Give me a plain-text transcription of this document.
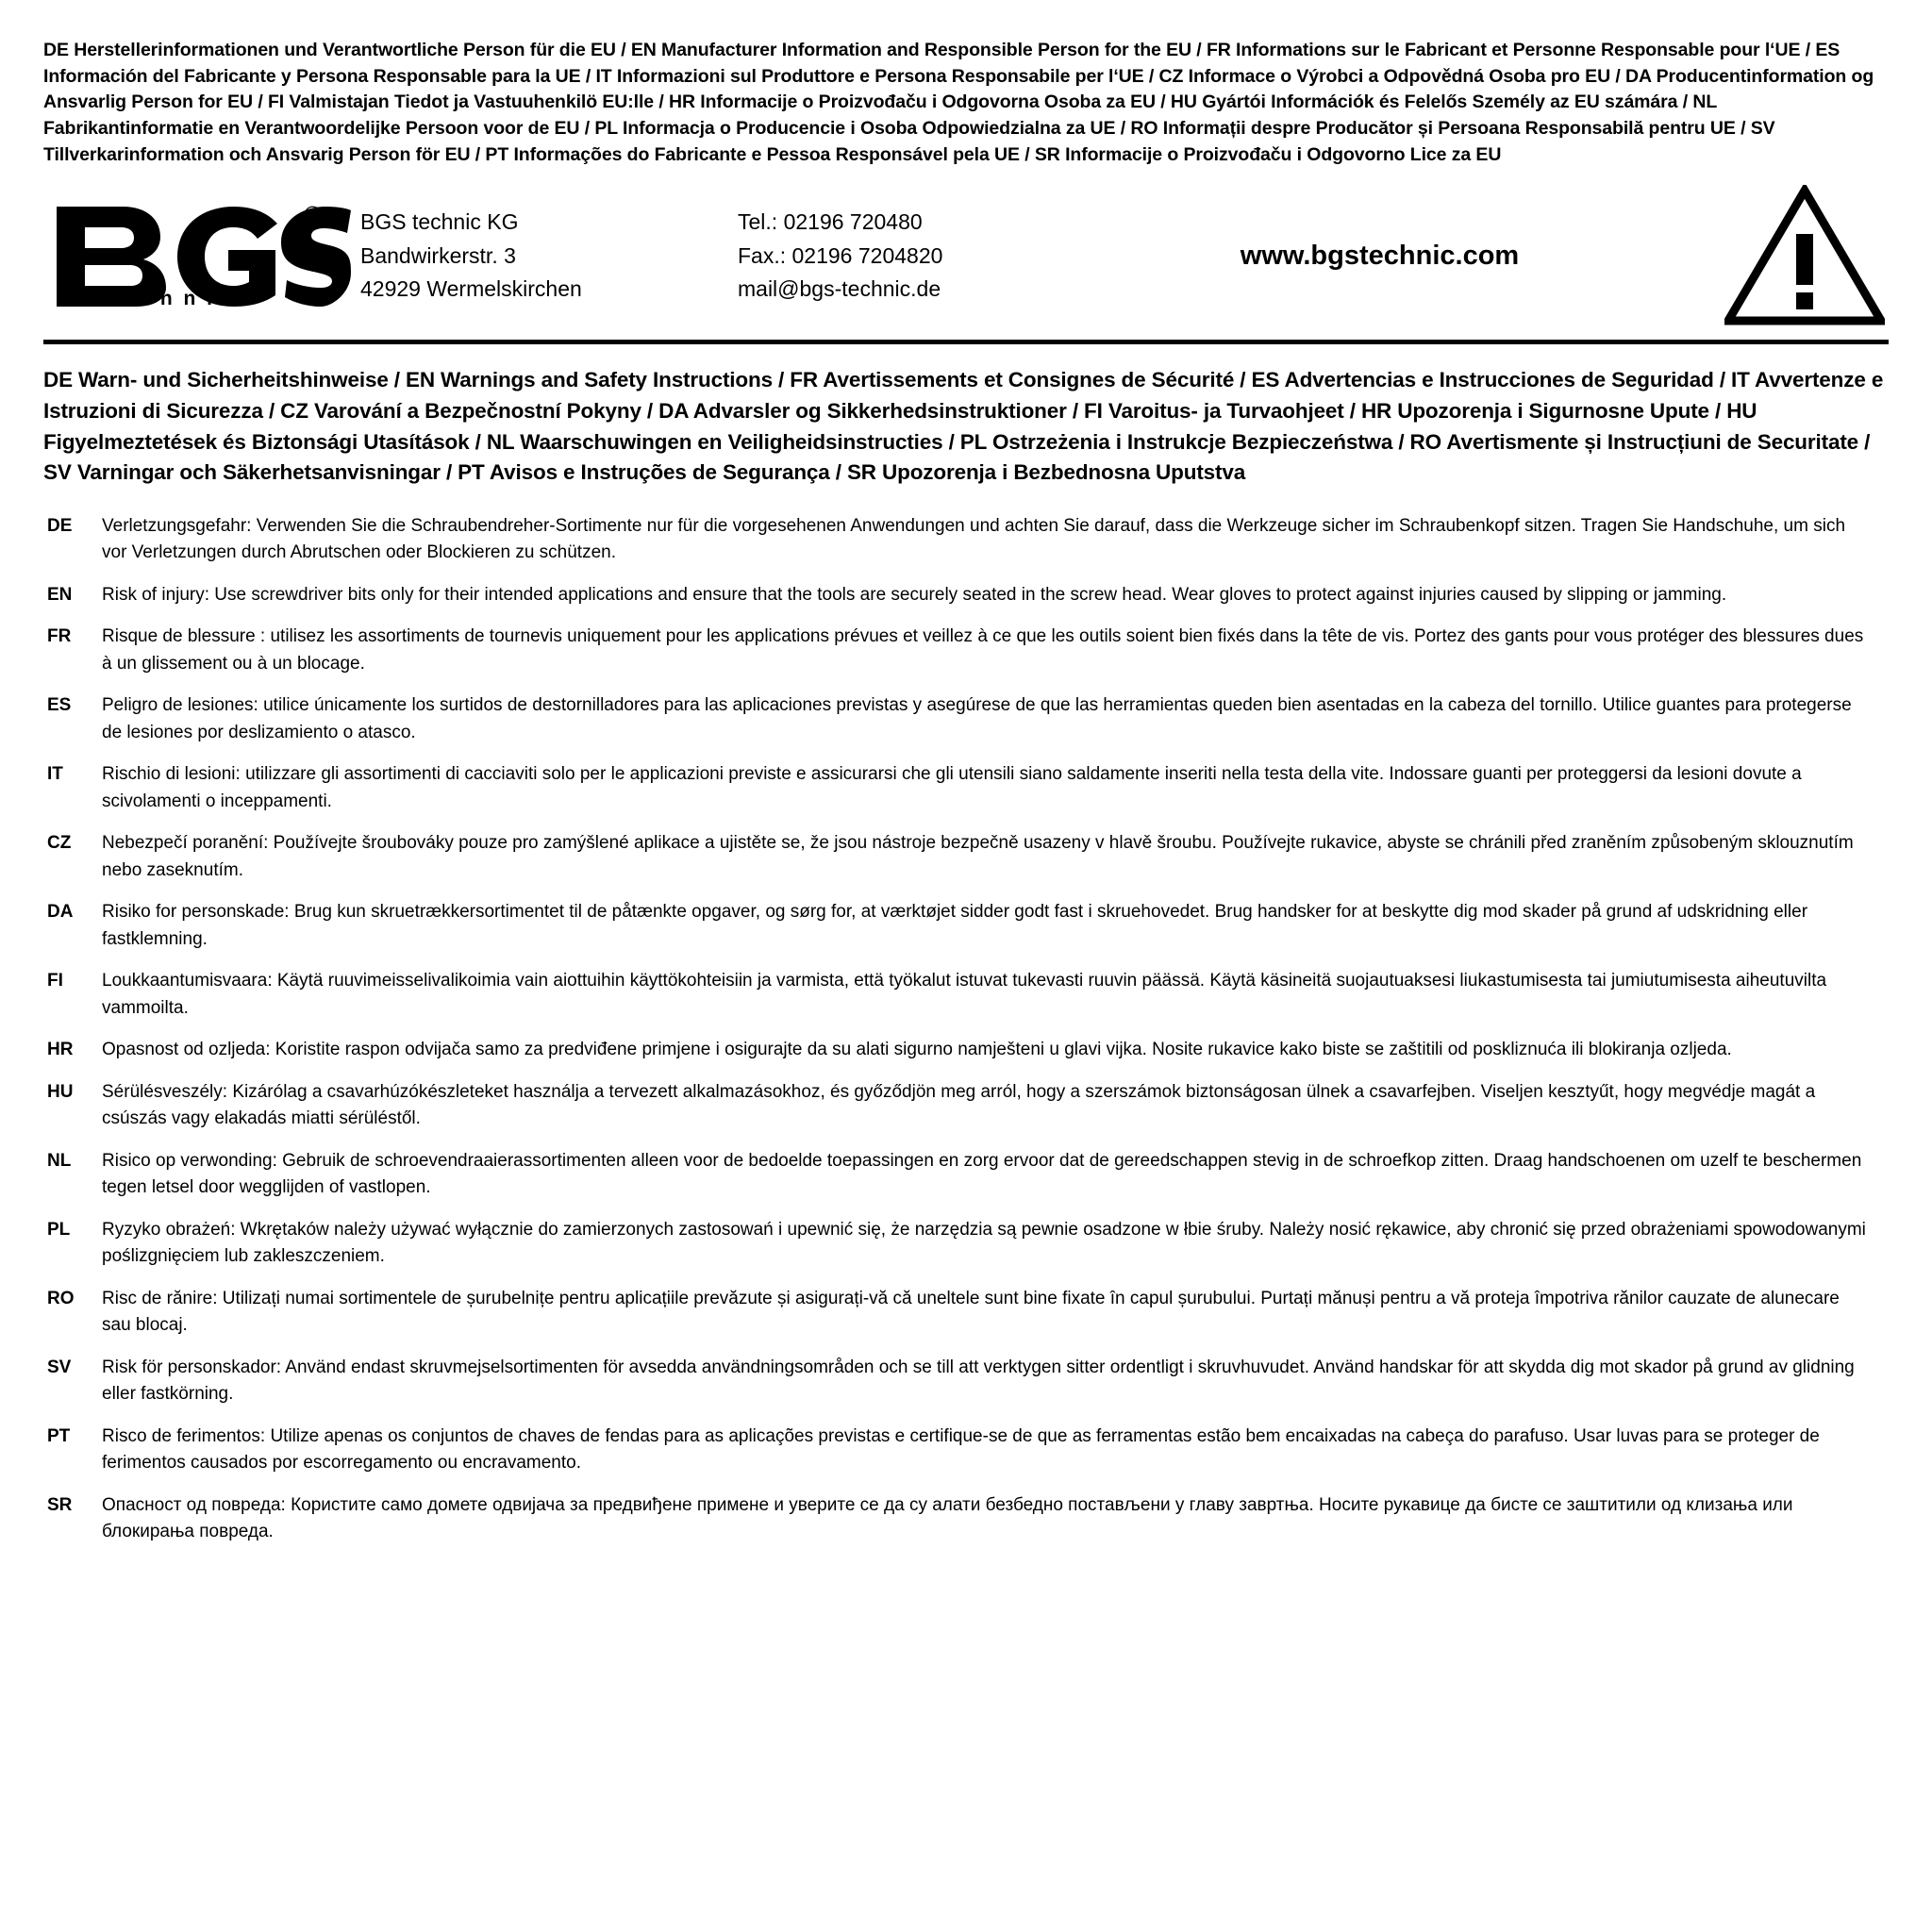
DE Herstellerinformationen und Verantwortliche Person für die EU / EN Manufacturer Information and Responsible Person for the EU / FR Informations sur le Fabricant et Personne Responsable pour l‘UE / ES Información del Fabricante y Persona Responsable para la UE / IT Informazioni sul Produttore e Persona Responsabile per l‘UE / CZ Informace o Výrobci a Odpovědná Osoba pro EU / DA Producentinformation og Ansvarlig Person for EU / FI Valmistajan Tiedot ja Vastuuhenkilö EU:lle / HR Informacije o Proizvođaču i Odgovorna Osoba za EU / HU Gyártói Információk és Felelős Személy az EU számára / NL Fabrikantinformatie en Verantwoordelijke Persoon voor de EU / PL Informacja o Producencie i Osoba Odpowiedzialna za UE / RO Informații despre Producător și Persoana Responsabilă pentru UE / SV Tillverkarinformation och Ansvarig Person för EU / PT Informações do Fabricante e Pessoa Responsável pela UE / SR Informacije o Proizvođaču i Odgovorno Lice za EU
®
t e c h n i c
BGS technic KG
Bandwirkerstr. 3
42929 Wermelskirchen
Tel.: 02196 720480
Fax.: 02196 7204820
mail@bgs-technic.de
www.bgstechnic.com
DE Warn- und Sicherheitshinweise / EN Warnings and Safety Instructions / FR Avertissements et Consignes de Sécurité / ES Advertencias e Instrucciones de Seguridad / IT Avvertenze e Istruzioni di Sicurezza / CZ Varování a Bezpečnostní Pokyny / DA Advarsler og Sikkerhedsinstruktioner / FI Varoitus- ja Turvaohjeet / HR Upozorenja i Sigurnosne Upute / HU Figyelmeztetések és Biztonsági Utasítások / NL Waarschuwingen en Veiligheidsinstructies / PL Ostrzeżenia i Instrukcje Bezpieczeństwa / RO Avertismente și Instrucțiuni de Securitate / SV Varningar och Säkerhetsanvisningar / PT Avisos e Instruções de Segurança / SR Upozorenja i Bezbednosna Uputstva
DE	Verletzungsgefahr: Verwenden Sie die Schraubendreher-Sortimente nur für die vorgesehenen Anwendungen und achten Sie darauf, dass die Werkzeuge sicher im Schraubenkopf sitzen. Tragen Sie Handschuhe, um sich vor Verletzungen durch Abrutschen oder Blockieren zu schützen.
EN	Risk of injury: Use screwdriver bits only for their intended applications and ensure that the tools are securely seated in the screw head. Wear gloves to protect against injuries caused by slipping or jamming.
FR	Risque de blessure : utilisez les assortiments de tournevis uniquement pour les applications prévues et veillez à ce que les outils soient bien fixés dans la tête de vis. Portez des gants pour vous protéger des blessures dues à un glissement ou à un blocage.
ES	Peligro de lesiones: utilice únicamente los surtidos de destornilladores para las aplicaciones previstas y asegúrese de que las herramientas queden bien asentadas en la cabeza del tornillo. Utilice guantes para protegerse de lesiones por deslizamiento o atasco.
IT	Rischio di lesioni: utilizzare gli assortimenti di cacciaviti solo per le applicazioni previste e assicurarsi che gli utensili siano saldamente inseriti nella testa della vite. Indossare guanti per proteggersi da lesioni dovute a scivolamenti o inceppamenti.
CZ	Nebezpečí poranění: Používejte šroubováky pouze pro zamýšlené aplikace a ujistěte se, že jsou nástroje bezpečně usazeny v hlavě šroubu. Používejte rukavice, abyste se chránili před zraněním způsobeným sklouznutím nebo zaseknutím.
DA	Risiko for personskade: Brug kun skruetrækkersortimentet til de påtænkte opgaver, og sørg for, at værktøjet sidder godt fast i skruehovedet. Brug handsker for at beskytte dig mod skader på grund af udskridning eller fastklemning.
FI	Loukkaantumisvaara: Käytä ruuvimeisselivalikoimia vain aiottuihin käyttökohteisiin ja varmista, että työkalut istuvat tukevasti ruuvin päässä. Käytä käsineitä suojautuaksesi liukastumisesta tai jumiutumisesta aiheutuvilta vammoilta.
HR	Opasnost od ozljeda: Koristite raspon odvijača samo za predviđene primjene i osigurajte da su alati sigurno namješteni u glavi vijka. Nosite rukavice kako biste se zaštitili od poskliznuća ili blokiranja ozljeda.
HU	Sérülésveszély: Kizárólag a csavarhúzókészleteket használja a tervezett alkalmazásokhoz, és győződjön meg arról, hogy a szerszámok biztonságosan ülnek a csavarfejben. Viseljen kesztyűt, hogy megvédje magát a csúszás vagy elakadás miatti sérüléstől.
NL	Risico op verwonding: Gebruik de schroevendraaierassortimenten alleen voor de bedoelde toepassingen en zorg ervoor dat de gereedschappen stevig in de schroefkop zitten. Draag handschoenen om uzelf te beschermen tegen letsel door wegglijden of vastlopen.
PL	Ryzyko obrażeń: Wkrętaków należy używać wyłącznie do zamierzonych zastosowań i upewnić się, że narzędzia są pewnie osadzone w łbie śruby. Należy nosić rękawice, aby chronić się przed obrażeniami spowodowanymi poślizgnięciem lub zakleszczeniem.
RO	Risc de rănire: Utilizați numai sortimentele de șurubelnițe pentru aplicațiile prevăzute și asigurați-vă că uneltele sunt bine fixate în capul șurubului. Purtați mănuși pentru a vă proteja împotriva rănilor cauzate de alunecare sau blocaj.
SV	Risk för personskador: Använd endast skruvmejselsortimenten för avsedda användningsområden och se till att verktygen sitter ordentligt i skruvhuvudet. Använd handskar för att skydda dig mot skador på grund av glidning eller fastkörning.
PT	Risco de ferimentos: Utilize apenas os conjuntos de chaves de fendas para as aplicações previstas e certifique-se de que as ferramentas estão bem encaixadas na cabeça do parafuso. Usar luvas para se proteger de ferimentos causados por escorregamento ou encravamento.
SR	Опасност од повреда: Користите само домете одвијача за предвиђене примене и уверите се да су алати безбедно постављени у главу завртња. Носите рукавице да бисте се заштитили од клизања или блокирања повреда.
